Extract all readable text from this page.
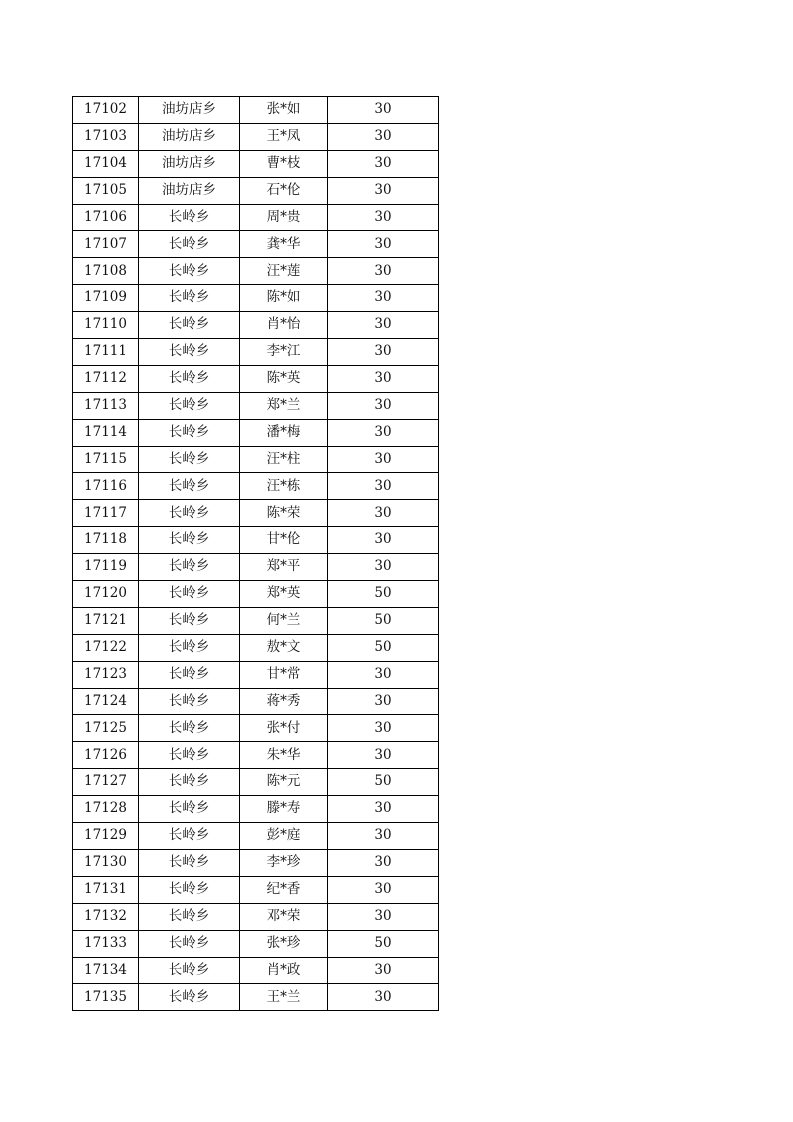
17102	油坊店乡	张*如	30
17103	油坊店乡	王*凤	30
17104	油坊店乡	曹*枝	30
17105	油坊店乡	石*伦	30
17106	长岭乡	周*贵	30
17107	长岭乡	龚*华	30
17108	长岭乡	汪*莲	30
17109	长岭乡	陈*如	30
17110	长岭乡	肖*怡	30
17111	长岭乡	李*江	30
17112	长岭乡	陈*英	30
17113	长岭乡	郑*兰	30
17114	长岭乡	潘*梅	30
17115	长岭乡	汪*柱	30
17116	长岭乡	汪*栋	30
17117	长岭乡	陈*荣	30
17118	长岭乡	甘*伦	30
17119	长岭乡	郑*平	30
17120	长岭乡	郑*英	50
17121	长岭乡	何*兰	50
17122	长岭乡	敖*文	50
17123	长岭乡	甘*常	30
17124	长岭乡	蒋*秀	30
17125	长岭乡	张*付	30
17126	长岭乡	朱*华	30
17127	长岭乡	陈*元	50
17128	长岭乡	滕*寿	30
17129	长岭乡	彭*庭	30
17130	长岭乡	李*珍	30
17131	长岭乡	纪*香	30
17132	长岭乡	邓*荣	30
17133	长岭乡	张*珍	50
17134	长岭乡	肖*政	30
17135	长岭乡	王*兰	30
